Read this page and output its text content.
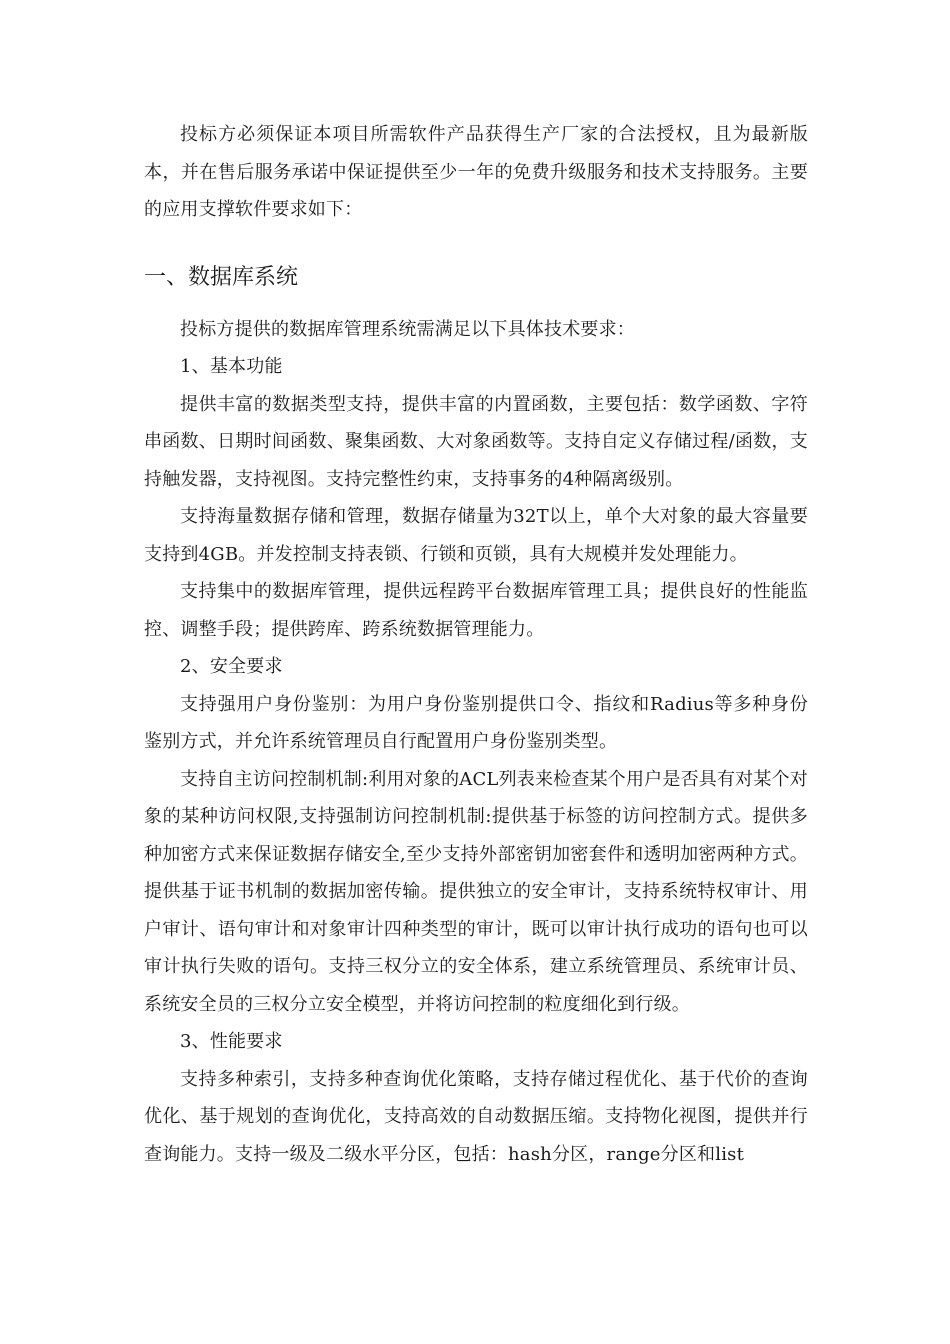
投标方必须保证本项目所需软件产品获得生产厂家的合法授权，且为最新版本，并在售后服务承诺中保证提供至少一年的免费升级服务和技术支持服务。主要的应用支撑软件要求如下：

一、数据库系统

投标方提供的数据库管理系统需满足以下具体技术要求：

1、基本功能

提供丰富的数据类型支持，提供丰富的内置函数，主要包括：数学函数、字符串函数、日期时间函数、聚集函数、大对象函数等。支持自定义存储过程/函数，支持触发器，支持视图。支持完整性约束，支持事务的4种隔离级别。

支持海量数据存储和管理，数据存储量为32T以上，单个大对象的最大容量要支持到4GB。并发控制支持表锁、行锁和页锁，具有大规模并发处理能力。

支持集中的数据库管理，提供远程跨平台数据库管理工具；提供良好的性能监控、调整手段；提供跨库、跨系统数据管理能力。

2、安全要求

支持强用户身份鉴别：为用户身份鉴别提供口令、指纹和Radius等多种身份鉴别方式，并允许系统管理员自行配置用户身份鉴别类型。

支持自主访问控制机制:利用对象的ACL列表来检查某个用户是否具有对某个对象的某种访问权限,支持强制访问控制机制:提供基于标签的访问控制方式。提供多种加密方式来保证数据存储安全,至少支持外部密钥加密套件和透明加密两种方式。提供基于证书机制的数据加密传输。提供独立的安全审计，支持系统特权审计、用户审计、语句审计和对象审计四种类型的审计，既可以审计执行成功的语句也可以审计执行失败的语句。支持三权分立的安全体系，建立系统管理员、系统审计员、系统安全员的三权分立安全模型，并将访问控制的粒度细化到行级。

3、性能要求

支持多种索引，支持多种查询优化策略，支持存储过程优化、基于代价的查询优化、基于规划的查询优化，支持高效的自动数据压缩。支持物化视图，提供并行查询能力。支持一级及二级水平分区，包括：hash分区，range分区和list
